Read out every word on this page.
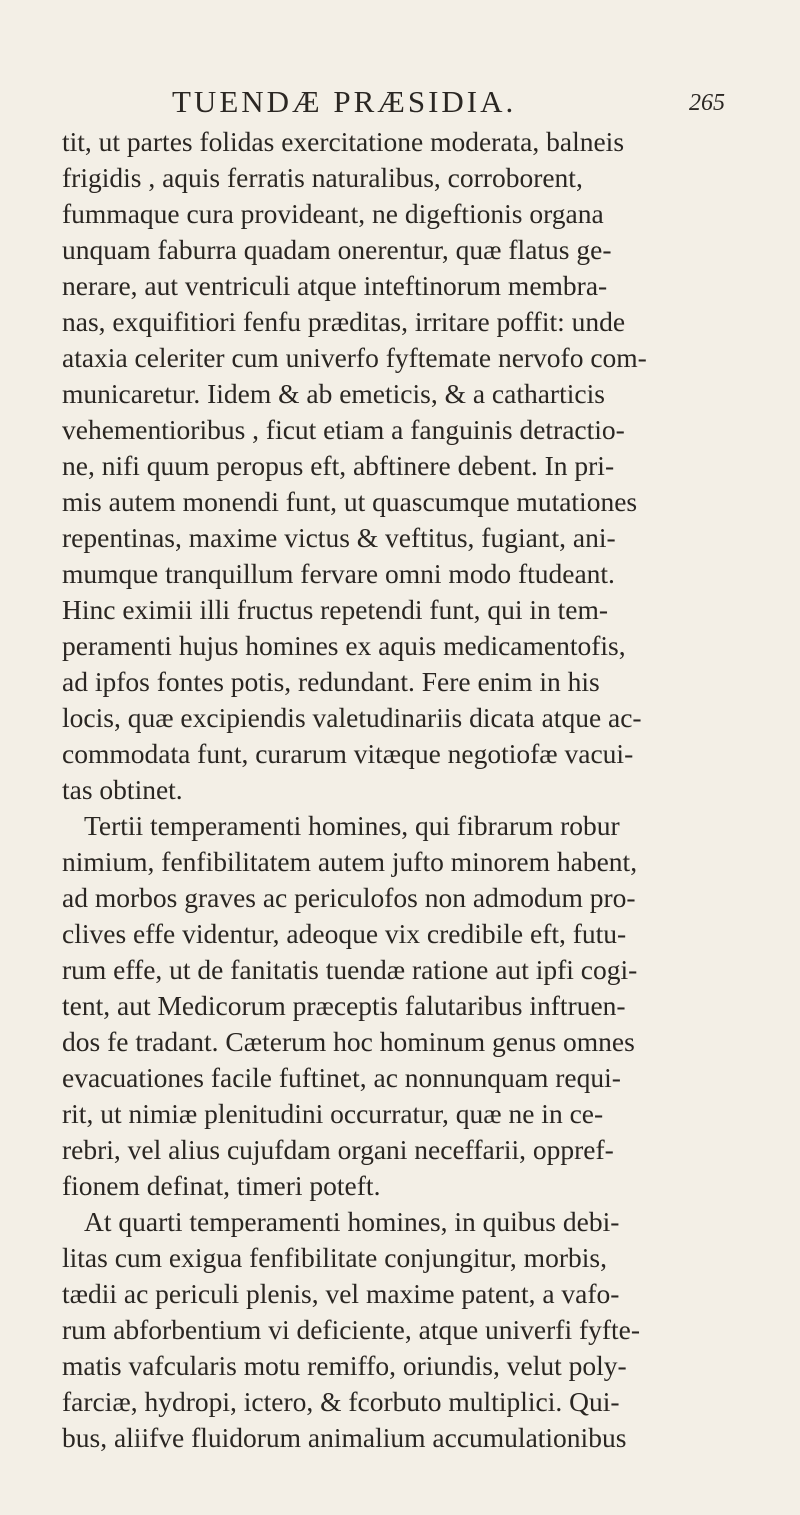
TUENDÆ PRÆSIDIA.	265
tit, ut partes folidas exercitatione moderata, balneis
frigidis , aquis ferratis naturalibus, corroborent,
fummaque cura provideant, ne digeftionis organa
unquam faburra quadam onerentur, quæ flatus ge-
nerare, aut ventriculi atque inteftinorum membra-
nas, exquifitiori fenfu præditas, irritare poffit: unde
ataxia celeriter cum univerfo fyftemate nervofo com-
municaretur. Iidem & ab emeticis, & a catharticis
vehementioribus , ficut etiam a fanguinis detractio-
ne, nifi quum peropus eft, abftinere debent. In pri-
mis autem monendi funt, ut quascumque mutationes
repentinas, maxime victus & veftitus, fugiant, ani-
mumque tranquillum fervare omni modo ftudeant.
Hinc eximii illi fructus repetendi funt, qui in tem-
peramenti hujus homines ex aquis medicamentofis,
ad ipfos fontes potis, redundant. Fere enim in his
locis, quæ excipiendis valetudinariis dicata atque ac-
commodata funt, curarum vitæque negotiofæ vacui-
tas obtinet.
Tertii temperamenti homines, qui fibrarum robur
nimium, fenfibilitatem autem jufto minorem habent,
ad morbos graves ac periculofos non admodum pro-
clives effe videntur, adeoque vix credibile eft, futu-
rum effe, ut de fanitatis tuendæ ratione aut ipfi cogi-
tent, aut Medicorum præceptis falutaribus inftruen-
dos fe tradant. Cæterum hoc hominum genus omnes
evacuationes facile fuftinet, ac nonnunquam requi-
rit, ut nimiæ plenitudini occurratur, quæ ne in ce-
rebri, vel alius cujufdam organi neceffarii, oppref-
fionem definat, timeri poteft.
At quarti temperamenti homines, in quibus debi-
litas cum exigua fenfibilitate conjungitur, morbis,
tædii ac periculi plenis, vel maxime patent, a vafo-
rum abforbentium vi deficiente, atque univerfi fyfte-
matis vafcularis motu remiffo, oriundis, velut poly-
farciæ, hydropi, ictero, & fcorbuto multiplici. Qui-
bus, aliifve fluidorum animalium accumulationibus
